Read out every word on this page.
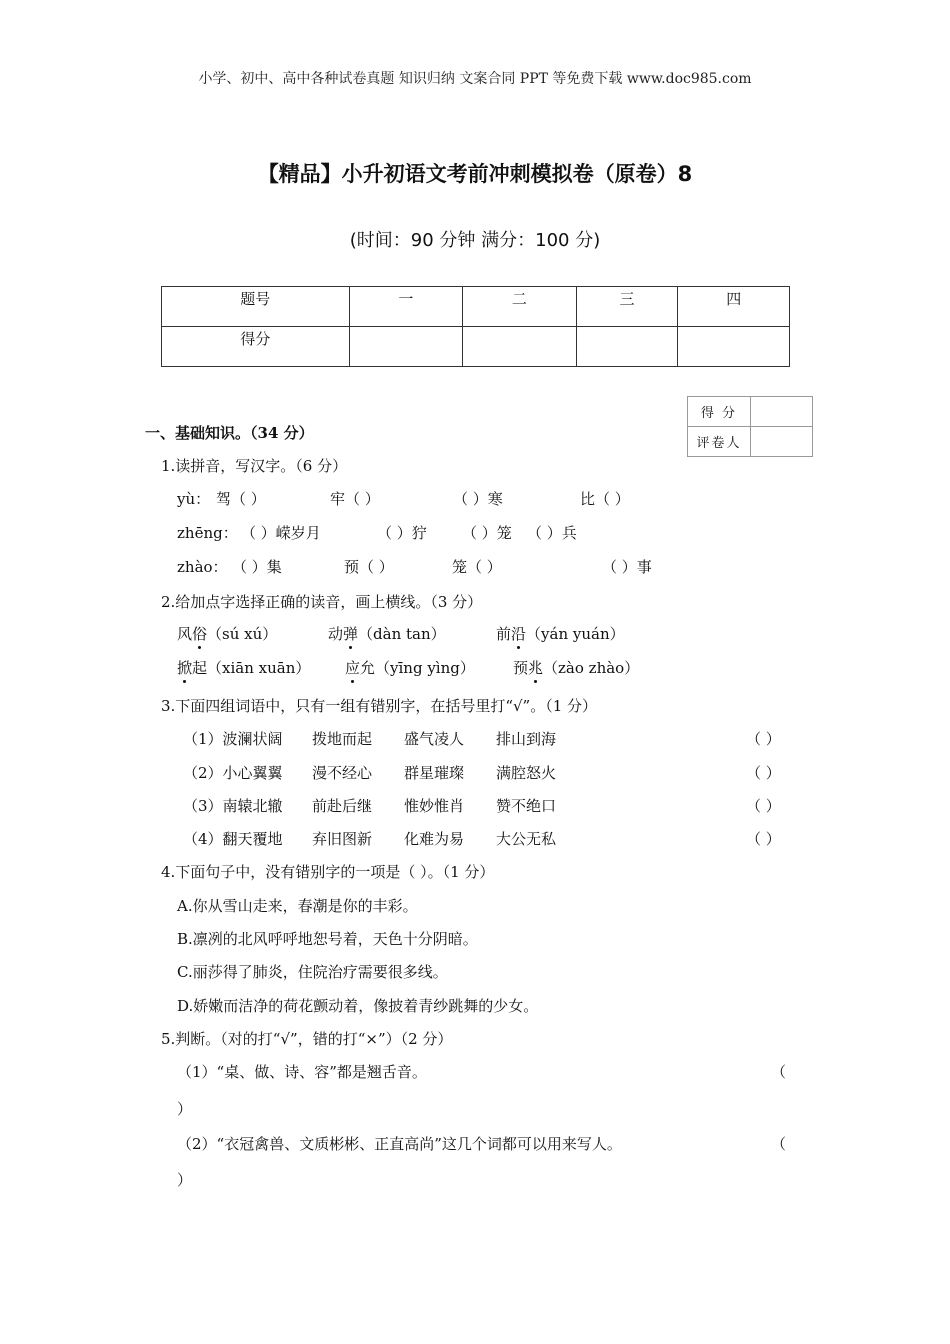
小学、初中、高中各种试卷真题 知识归纳 文案合同 PPT 等免费下载 www.doc985.com
【精品】小升初语文考前冲刺模拟卷（原卷）8
(时间：90 分钟 满分：100 分)
题号	一	二	三	四
得分				
得 分	
评卷人	
一、基础知识。（34 分）
1.读拼音，写汉字。（6 分）
yù： 驾（ ）	牢（ ）	（ ）寒	比（ ）
zhēng： （ ）嵘岁月	（ ）狞 （ ）笼 （ ）兵
zhào： （ ）集	预（ ）	笼（ ）	（ ）事
2.给加点字选择正确的读音，画上横线。（3 分）
风俗（sú xú）	动弹（dàn tan）	前沿（yán yuán）
掀起（xiān xuān） 应允（yīng yìng）	预兆（zào zhào）
3.下面四组词语中，只有一组有错别字，在括号里打“√”。（1 分）
（1）波澜状阔 拨地而起 盛气凌人 排山到海	（ ）
（2）小心翼翼 漫不经心 群星璀璨 满腔怒火	（ ）
（3）南辕北辙 前赴后继 惟妙惟肖 赞不绝口	（ ）
（4）翻天覆地 弃旧图新 化难为易 大公无私	（ ）
4.下面句子中，没有错别字的一项是（ ）。（1 分）
A.你从雪山走来，春潮是你的丰彩。
B.凛冽的北风呼呼地恕号着，天色十分阴暗。
C.丽莎得了肺炎，住院治疗需要很多线。
D.娇嫩而洁净的荷花颤动着，像披着青纱跳舞的少女。
5.判断。（对的打“√”，错的打“×”）（2 分）
（1）“桌、做、诗、容”都是翘舌音。	（
）
（2）“衣冠禽兽、文质彬彬、正直高尚”这几个词都可以用来写人。	（
）
